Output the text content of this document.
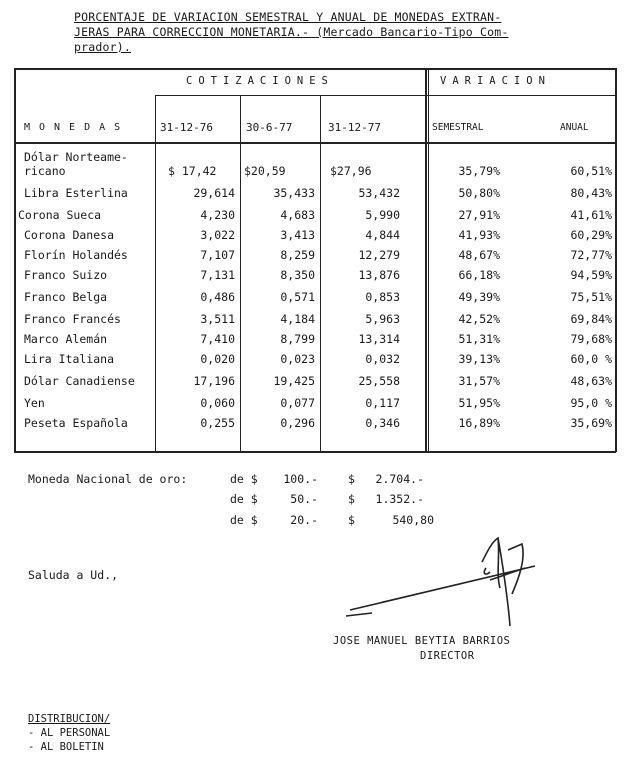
PORCENTAJE DE VARIACION SEMESTRAL Y ANUAL DE MONEDAS EXTRAN-
JERAS PARA CORRECCION MONETARIA.- (Mercado Bancario-Tipo Com-
prador).
COTIZACIONES	VARIACION
MONEDAS	31-12-76	30-6-77	31-12-77	SEMESTRAL	ANUAL
Dólar Norteame-
ricano	$ 17,42 $20,59	$27,96	35,79%	60,51%
Libra Esterlina	29,614	35,433	53,432	50,80%	80,43%
Corona Sueca	4,230	4,683	5,990	27,91%	41,61%
Corona Danesa	3,022	3,413	4,844	41,93%	60,29%
Florín Holandés	7,107	8,259	12,279	48,67%	72,77%
Franco Suizo	7,131	8,350	13,876	66,18%	94,59%
Franco Belga	0,486	0,571	0,853	49,39%	75,51%
Franco Francés	3,511	4,184	5,963	42,52%	69,84%
Marco Alemán	7,410	8,799	13,314	51,31%	79,68%
Lira Italiana	0,020	0,023	0,032	39,13%	60,0 %
Dólar Canadiense	17,196	19,425	25,558	31,57%	48,63%
Yen	0,060	0,077	0,117	51,95%	95,0 %
Peseta Española	0,255	0,296	0,346	16,89%	35,69%
Moneda Nacional de oro:	de $ 100.-	$ 2.704.-
de $	50.-	$ 1.352.-
de $	20.-	$	540,80
Saluda a Ud.,
JOSE MANUEL BEYTIA BARRIOS
DIRECTOR
DISTRIBUCION/
- AL PERSONAL
- AL BOLETIN
